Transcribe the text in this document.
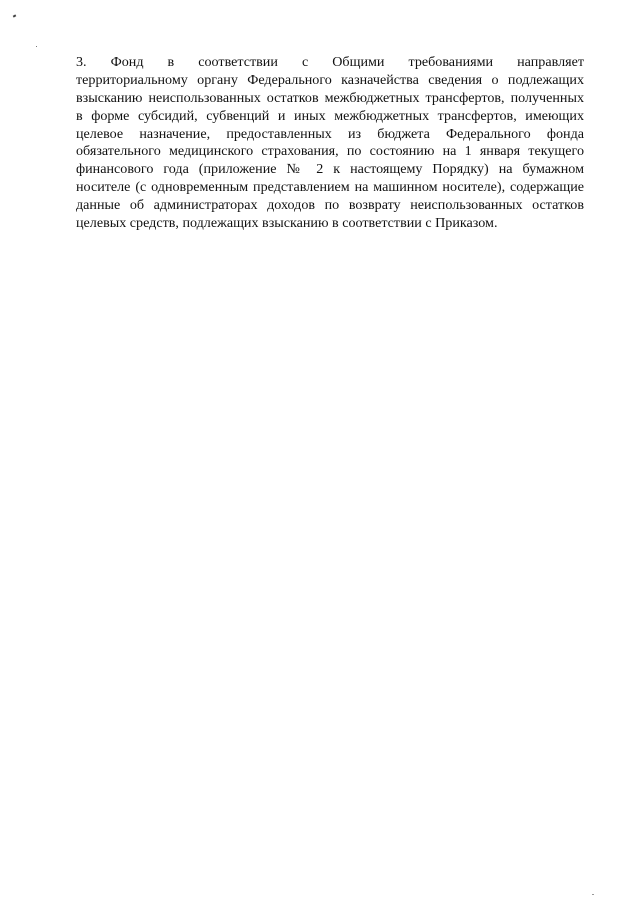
3. Фонд в соответствии с Общими требованиями направляет
территориальному органу Федерального казначейства сведения о подлежащих
взысканию неиспользованных остатков межбюджетных трансфертов, полученных
в форме субсидий, субвенций и иных межбюджетных трансфертов, имеющих
целевое назначение, предоставленных из бюджета Федерального фонда
обязательного медицинского страхования, по состоянию на 1 января текущего
финансового года (приложение № 2 к настоящему Порядку) на бумажном
носителе (с одновременным представлением на машинном носителе), содержащие
данные об администраторах доходов по возврату неиспользованных остатков
целевых средств, подлежащих взысканию в соответствии с Приказом.
